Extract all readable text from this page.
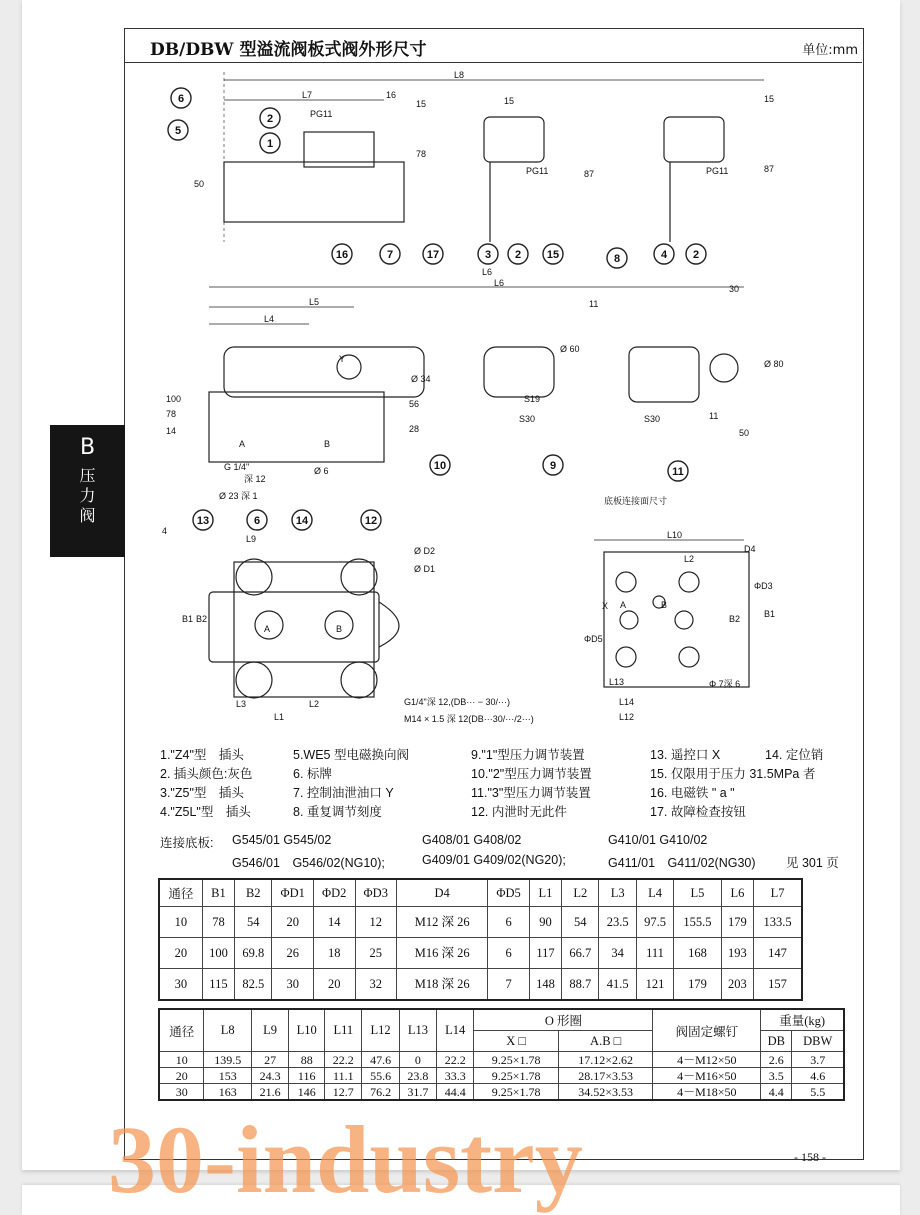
DB/DBW 型溢流阀板式阀外形尺寸	单位:mm
B
压力阀
6
5
2
1
16	7	17	3 2	4 2
15	8
10	9	11
13	6	14	12
L8
L7	16
15
78
50
87
PG11
PG11	PG11
15
87
L6
L5
L4
100
78
14
Y
Ø 34
56
28
Ø 60
S19
S30
11
30
Ø 80
S30	11
50
G 1/4"
深 12
Ø 6
Ø 23 深 1
A	B
底板连接面尺寸
Ø D2
Ø D1
L9
B2
B1
L3	L2
L1
G1/4"深 12,(DB··· − 30/···)
M14 × 1.5 深 12(DB···30/···/2···)
L10
L2
D4
ΦD3
B1
B2
X A	B
ΦD5
L13
L14
L12
Φ 7深 6
L6
15
4
A	B
1."Z4"型　插头
2. 插头颜色:灰色
3."Z5"型　插头
4."Z5L"型　插头
5.WE5 型电磁换向阀
6. 标牌
7. 控制油泄油口 Y
8. 重复调节刻度
9."1"型压力调节装置
10."2"型压力调节装置
11."3"型压力调节装置
12. 内泄时无此件
13. 遥控口 X
15. 仅限用于压力 31.5MPa 者
16. 电磁铁 " a "
17. 故障检查按钮
14. 定位销
连接底板: G545/01 G545/02
G546/01　G546/02(NG10);
G408/01 G408/02
G409/01 G409/02(NG20);
G410/01 G410/02
G411/01　G411/02(NG30) 见 301 页
通径	B1	B2	ΦD1	ΦD2	ΦD3	D4	ΦD5	L1	L2	L3	L4	L5	L6	L7
10	78	54	20	14	12	M12 深 26	6	90	54	23.5	97.5	155.5	179	133.5
20	100	69.8	26	18	25	M16 深 26	6	117	66.7	34	111	168	193	147
30	115	82.5	30	20	32	M18 深 26	7	148	88.7	41.5	121	179	203	157
通径	L8	L9	L10	L11	L12	L13	L14	O 形圈		阀固定螺钉	重量(kg)	
								X □	A.B □		DB	DBW
10	139.5	27	88	22.2	47.6	0	22.2	9.25×1.78	17.12×2.62	4－M12×50	2.6	3.7
20	153	24.3	116	11.1	55.6	23.8	33.3	9.25×1.78	28.17×3.53	4－M16×50	3.5	4.6
30	163	21.6	146	12.7	76.2	31.7	44.4	9.25×1.78	34.52×3.53	4－M18×50	4.4	5.5
- 158 -
30-industry
